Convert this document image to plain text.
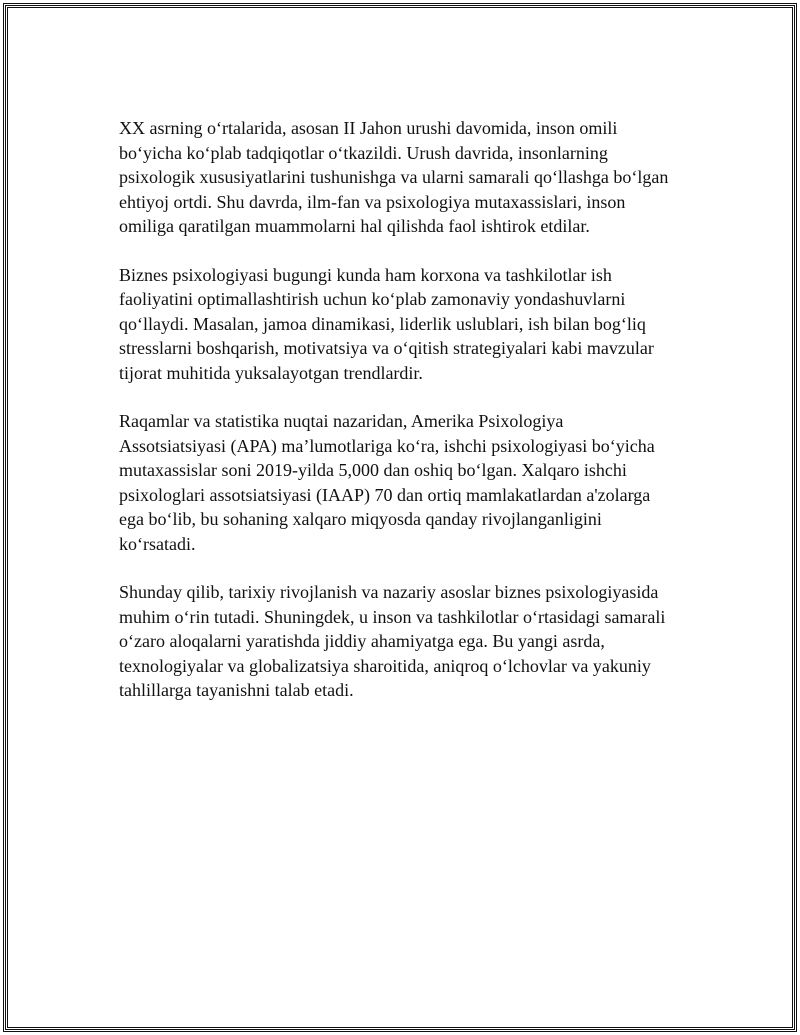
XX asrning o‘rtalarida, asosan II Jahon urushi davomida, inson omili
bo‘yicha ko‘plab tadqiqotlar o‘tkazildi. Urush davrida, insonlarning
psixologik xususiyatlarini tushunishga va ularni samarali qo‘llashga bo‘lgan
ehtiyoj ortdi. Shu davrda, ilm-fan va psixologiya mutaxassislari, inson
omiliga qaratilgan muammolarni hal qilishda faol ishtirok etdilar.

Biznes psixologiyasi bugungi kunda ham korxona va tashkilotlar ish
faoliyatini optimallashtirish uchun ko‘plab zamonaviy yondashuvlarni
qo‘llaydi. Masalan, jamoa dinamikasi, liderlik uslublari, ish bilan bog‘liq
stresslarni boshqarish, motivatsiya va o‘qitish strategiyalari kabi mavzular
tijorat muhitida yuksalayotgan trendlardir.

Raqamlar va statistika nuqtai nazaridan, Amerika Psixologiya
Assotsiatsiyasi (APA) ma’lumotlariga ko‘ra, ishchi psixologiyasi bo‘yicha
mutaxassislar soni 2019-yilda 5,000 dan oshiq bo‘lgan. Xalqaro ishchi
psixologlari assotsiatsiyasi (IAAP) 70 dan ortiq mamlakatlardan a'zolarga
ega bo‘lib, bu sohaning xalqaro miqyosda qanday rivojlanganligini
ko‘rsatadi.

Shunday qilib, tarixiy rivojlanish va nazariy asoslar biznes psixologiyasida
muhim o‘rin tutadi. Shuningdek, u inson va tashkilotlar o‘rtasidagi samarali
o‘zaro aloqalarni yaratishda jiddiy ahamiyatga ega. Bu yangi asrda,
texnologiyalar va globalizatsiya sharoitida, aniqroq o‘lchovlar va yakuniy
tahlillarga tayanishni talab etadi.
